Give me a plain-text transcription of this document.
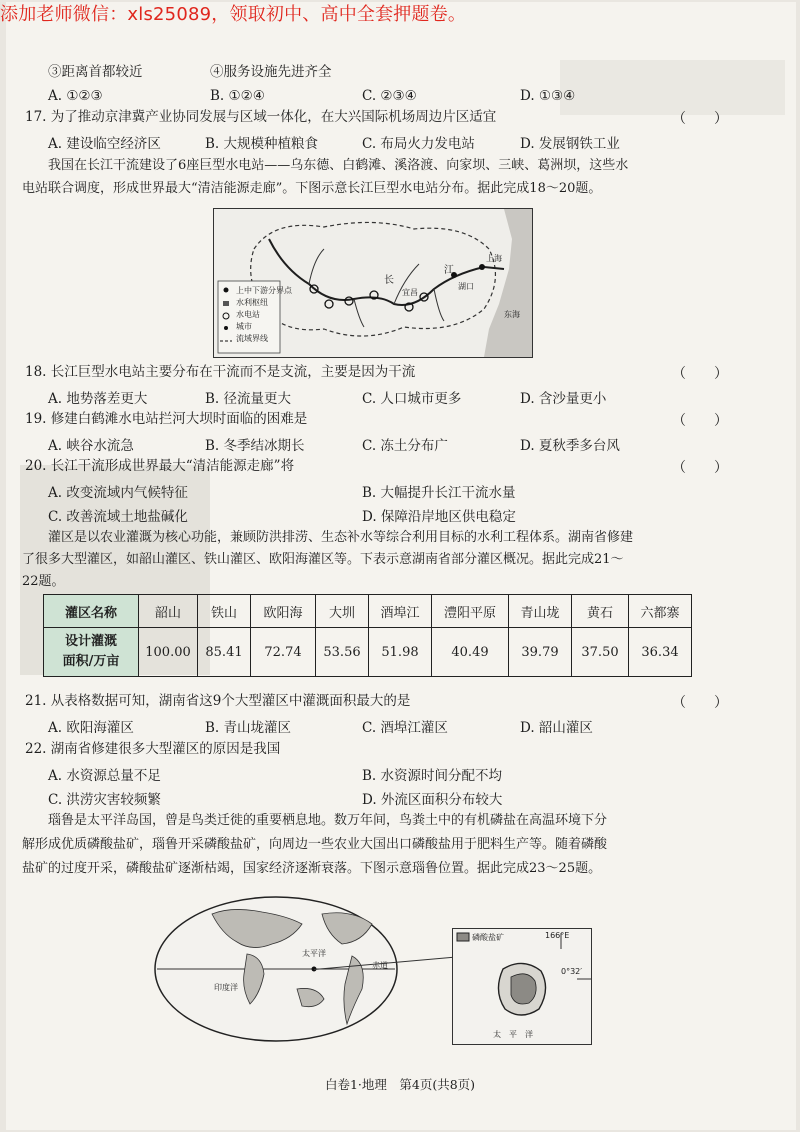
添加老师微信：xls25089，领取初中、高中全套押题卷。
③距离首都较近	④服务设施先进齐全
A. ①②③	B. ①②④	C. ②③④	D. ①③④
17. 为了推动京津冀产业协同发展与区域一体化，在大兴国际机场周边片区适宜	（　　）
A. 建设临空经济区	B. 大规模种植粮食	C. 布局火力发电站	D. 发展钢铁工业
我国在长江干流建设了6座巨型水电站——乌东德、白鹤滩、溪洛渡、向家坝、三峡、葛洲坝，这些水
电站联合调度，形成世界最大“清洁能源走廊”。下图示意长江巨型水电站分布。据此完成18～20题。
上中下游分界点
水利枢纽
水电站
城市
流域界线
长
江
上海
东海
宜昌
湖口
18. 长江巨型水电站主要分布在干流而不是支流，主要是因为干流	（　　）
A. 地势落差更大	B. 径流量更大	C. 人口城市更多	D. 含沙量更小
19. 修建白鹤滩水电站拦河大坝时面临的困难是	（　　）
A. 峡谷水流急	B. 冬季结冰期长	C. 冻土分布广	D. 夏秋季多台风
20. 长江干流形成世界最大“清洁能源走廊”将	（　　）
A. 改变流域内气候特征	B. 大幅提升长江干流水量
C. 改善流域土地盐碱化	D. 保障沿岸地区供电稳定
灌区是以农业灌溉为核心功能，兼顾防洪排涝、生态补水等综合利用目标的水利工程体系。湖南省修建
了很多大型灌区，如韶山灌区、铁山灌区、欧阳海灌区等。下表示意湖南省部分灌区概况。据此完成21～
22题。
灌区名称	韶山	铁山	欧阳海	大圳	酒埠江	澧阳平原	青山垅	黄石	六都寨
设计灌溉
面积/万亩	100.00	85.41	72.74	53.56	51.98	40.49	39.79	37.50	36.34
21. 从表格数据可知，湖南省这9个大型灌区中灌溉面积最大的是	（　　）
A. 欧阳海灌区	B. 青山垅灌区	C. 酒埠江灌区	D. 韶山灌区
22. 湖南省修建很多大型灌区的原因是我国
A. 水资源总量不足	B. 水资源时间分配不均
C. 洪涝灾害较频繁	D. 外流区面积分布较大
瑙鲁是太平洋岛国，曾是鸟类迁徙的重要栖息地。数万年间，鸟粪土中的有机磷盐在高温环境下分
解形成优质磷酸盐矿，瑙鲁开采磷酸盐矿，向周边一些农业大国出口磷酸盐用于肥料生产等。随着磷酸
盐矿的过度开采，磷酸盐矿逐渐枯竭，国家经济逐渐衰落。下图示意瑙鲁位置。据此完成23～25题。
印度洋
太平洋
赤道
磷酸盐矿	166°E
0°32′
太　平　洋
白卷1·地理　第4页(共8页)
